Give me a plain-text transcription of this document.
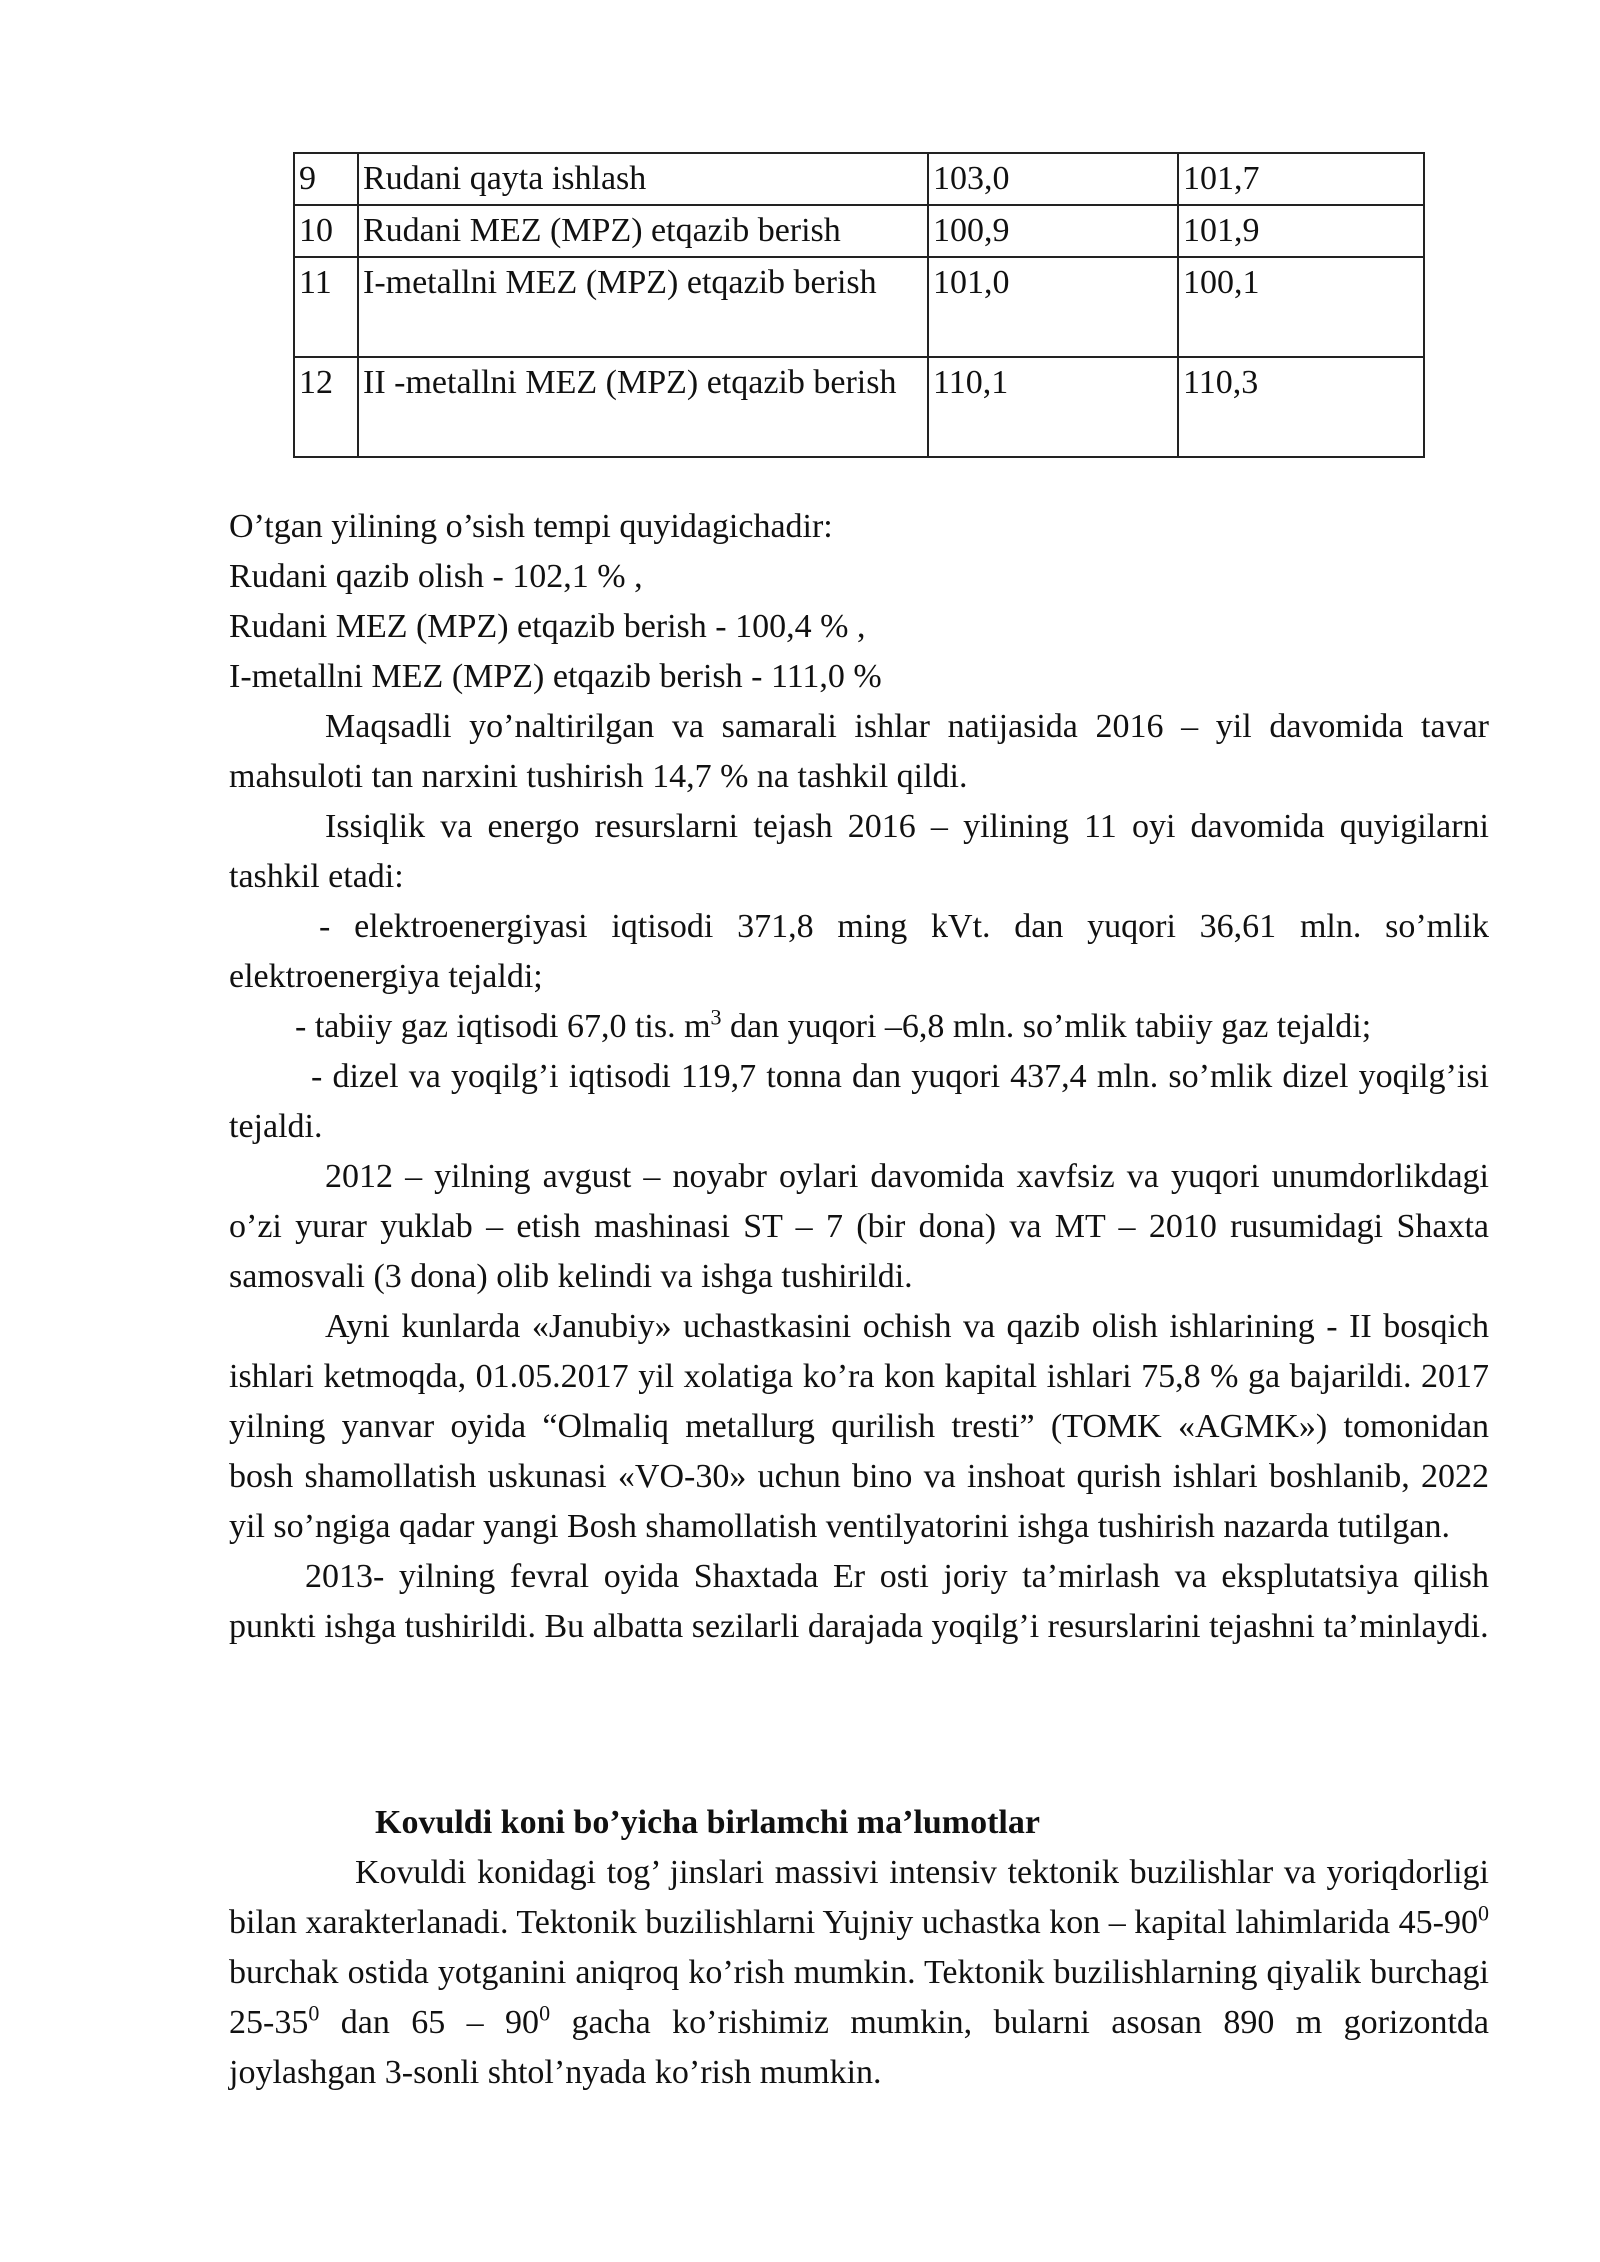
9	Rudani qayta ishlash	103,0	101,7
10	Rudani MEZ (MPZ) etqazib berish	100,9	101,9
11	I-metallni MEZ (MPZ) etqazib berish	101,0	100,1
12	II -metallni MEZ (MPZ) etqazib berish	110,1	110,3

O’tgan yilining o’sish tempi quyidagichadir:

Rudani qazib olish - 102,1 % ,

Rudani MEZ (MPZ) etqazib berish - 100,4 % ,

I-metallni MEZ (MPZ) etqazib berish - 111,0 %

Maqsadli yo’naltirilgan va samarali ishlar natijasida 2016 – yil davomida tavar mahsuloti tan narxini tushirish 14,7 % na tashkil qildi.

Issiqlik va energo resurslarni tejash 2016 – yilining 11 oyi davomida quyigilarni tashkil etadi:

- elektroenergiyasi iqtisodi 371,8 ming kVt. dan yuqori 36,61 mln. so’mlik elektroenergiya tejaldi;

- tabiiy gaz iqtisodi 67,0 tis. $m^3$ dan yuqori –6,8 mln. so’mlik tabiiy gaz tejaldi;

- dizel va yoqilg’i iqtisodi 119,7 tonna dan yuqori 437,4 mln. so’mlik dizel yoqilg’isi tejaldi.

2012 – yilning avgust – noyabr oylari davomida xavfsiz va yuqori unumdorlikdagi o’zi yurar yuklab – etish mashinasi ST – 7 (bir dona) va MT – 2010 rusumidagi Shaxta samosvali (3 dona) olib kelindi va ishga tushirildi.

Ayni kunlarda «Janubiy» uchastkasini ochish va qazib olish ishlarining - II bosqich ishlari ketmoqda, 01.05.2017 yil xolatiga ko’ra kon kapital ishlari 75,8 % ga bajarildi. 2017 yilning yanvar oyida “Olmaliq metallurg qurilish tresti” (TOMK «AGMK») tomonidan bosh shamollatish uskunasi «VO-30» uchun bino va inshoat qurish ishlari boshlanib, 2022 yil so’ngiga qadar yangi Bosh shamollatish ventilyatorini ishga tushirish nazarda tutilgan.

2013- yilning fevral oyida Shaxtada Er osti joriy ta’mirlash va eksplutatsiya qilish punkti ishga tushirildi. Bu albatta sezilarli darajada yoqilg’i resurslarini tejashni ta’minlaydi.

Kovuldi koni bo’yicha birlamchi ma’lumotlar

Kovuldi konidagi tog’ jinslari massivi intensiv tektonik buzilishlar va yoriqdorligi bilan xarakterlanadi. Tektonik buzilishlarni Yujniy uchastka kon – kapital lahimlarida $45-90^0$ burchak ostida yotganini aniqroq ko’rish mumkin. Tektonik buzilishlarning qiyalik burchagi $25-35^0$ dan $65 - 90^0$ gacha ko’rishimiz mumkin, bularni asosan 890 m gorizontda joylashgan 3-sonli shtol’nyada ko’rish mumkin.
